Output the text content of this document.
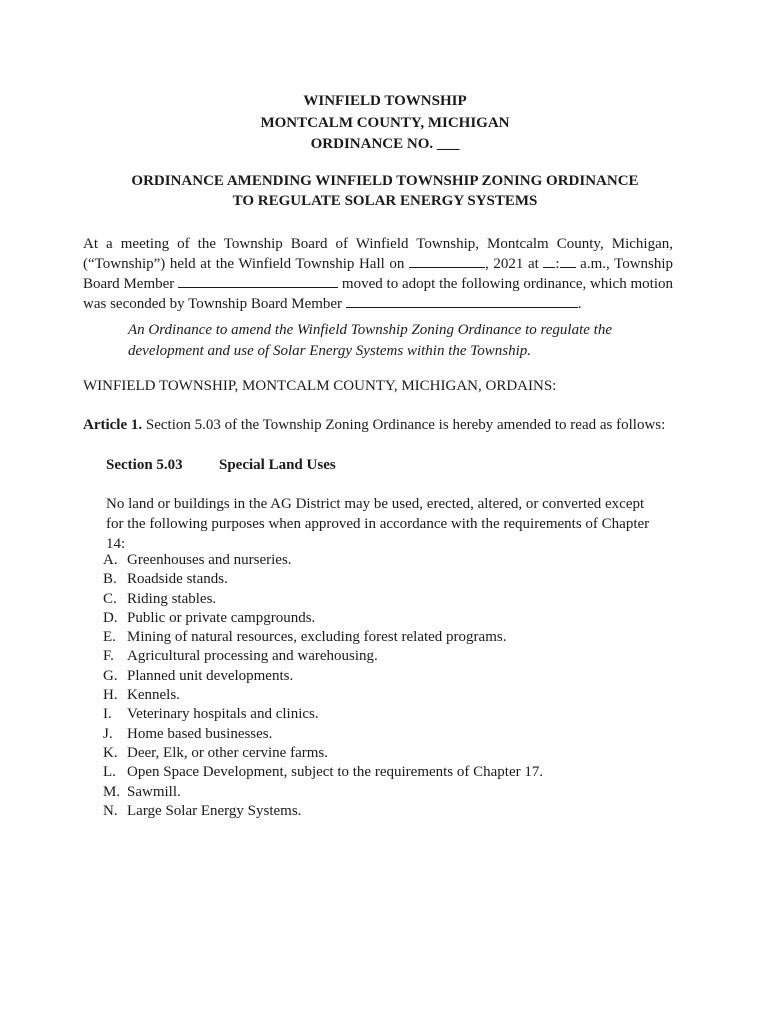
WINFIELD TOWNSHIP
MONTCALM COUNTY, MICHIGAN
ORDINANCE NO. ___
ORDINANCE AMENDING WINFIELD TOWNSHIP ZONING ORDINANCE
TO REGULATE SOLAR ENERGY SYSTEMS
At a meeting of the Township Board of Winfield Township, Montcalm County, Michigan, (“Township”) held at the Winfield Township Hall on	, 2021 at : a.m., Township Board Member	moved to adopt the following ordinance, which motion was seconded by Township Board Member	.
An Ordinance to amend the Winfield Township Zoning Ordinance to regulate the development and use of Solar Energy Systems within the Township.
WINFIELD TOWNSHIP, MONTCALM COUNTY, MICHIGAN, ORDAINS:
Article 1. Section 5.03 of the Township Zoning Ordinance is hereby amended to read as follows:
Section 5.03 Special Land Uses
No land or buildings in the AG District may be used, erected, altered, or converted except for the following purposes when approved in accordance with the requirements of Chapter 14:
A. Greenhouses and nurseries.
B. Roadside stands.
C. Riding stables.
D. Public or private campgrounds.
E. Mining of natural resources, excluding forest related programs.
F. Agricultural processing and warehousing.
G. Planned unit developments.
H. Kennels.
I. Veterinary hospitals and clinics.
J. Home based businesses.
K. Deer, Elk, or other cervine farms.
L. Open Space Development, subject to the requirements of Chapter 17.
M. Sawmill.
N. Large Solar Energy Systems.
